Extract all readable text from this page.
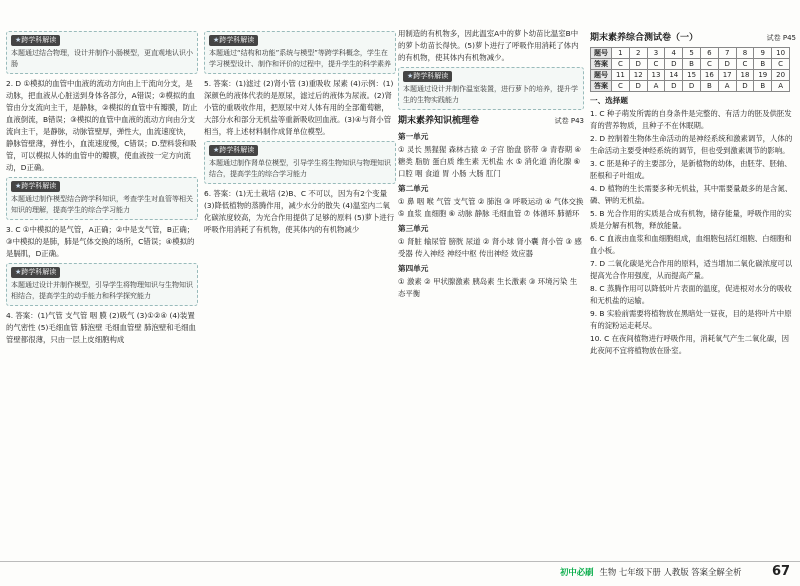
★ 跨学科解读
本题通过结合物理，设计并制作小肠模型，更直观地认识小肠

2. D ①模拟的血管中血液的流动方向由上干流向分支，是动脉，把血液从心脏送到身体各部分，A错误；②模拟的血管由分支流向主干，是静脉，②模拟的血管中有瓣膜，防止血液倒流，B错误；③模拟的血管中血液的流动方向由分支流向主干，是静脉，动脉管壁厚，弹性大，血流速度快，静脉管壁薄，弹性小，血流速度慢，C错误；D.塑料袋和吸管，可以模拟人体的血管中的瓣膜，使血液按一定方向流动，D正确。

★ 跨学科解读
本题通过制作模型结合跨学科知识，考查学生对血管等相关知识的理解，提高学生的综合学习能力

3. C ①中模拟的是气管，A正确；②中是支气管，B正确；③中模拟的是肺，肺是气体交换的场所，C错误；④模拟的是膈肌，D正确。

★ 跨学科解读
本题通过设计并制作模型，引导学生将物理知识与生物知识相结合，提高学生的动手能力和科学探究能力

4. 答案：(1)气管 支气管 咽 膜 (2)吸气 (3)①②④ (4)装置的气密性 (5)毛细血管 肺泡壁 毛细血管壁 肺泡壁和毛细血管壁都很薄，只由一层上皮细胞构成

★ 跨学科解读
本题通过“结构和功能”系统与模型”等跨学科概念，学生在学习模型设计、制作和评价的过程中，提升学生的科学素养

5. 答案：(1)滤过 (2)肾小管 (3)重吸收 尿素 (4)示例：(1)深颜色的液体代表的是原尿，滤过后的液体为尿液。(2)肾小管的重吸收作用，把原尿中对人体有用的全部葡萄糖，大部分水和部分无机盐等重新吸收回血液。(3)④与肾小管相当，将上述材料制作成肾单位模型。

★ 跨学科解读
本题通过制作肾单位模型，引导学生将生物知识与物理知识结合，提高学生的综合学习能力

6. 答案：(1)无土栽培 (2)B、C 不可以，因为有2个变量 (3)降低植物的蒸腾作用，减少水分的散失 (4)温室内二氧化碳浓度较高，为光合作用提供了足够的原料 (5)萝卜进行呼吸作用消耗了有机物，使其体内的有机物减少

用制造的有机物多，因此温室A中的萝卜幼苗比温室B中的萝卜幼苗长得快。(5)萝卜进行了呼吸作用消耗了体内的有机物，使其体内有机物减少。

★ 跨学科解读
本题通过设计并制作温室装置，进行萝卜的培养，提升学生的生物实践能力
期末素养知识梳理卷	试卷 P43
第一单元

① 灵长 黑猩猩 森林古猿 ② 子宫 胎盘 脐带 ③ 青春期 ④ 糖类 脂肪 蛋白质 维生素 无机盐 水 ⑤ 消化道 消化腺 ⑥ 口腔 咽 食道 胃 小肠 大肠 肛门

第二单元

① 鼻 咽 喉 气管 支气管 ② 肺泡 ③ 呼吸运动 ④ 气体交换 ⑤ 血浆 血细胞 ⑥ 动脉 静脉 毛细血管 ⑦ 体循环 肺循环

第三单元

① 肾脏 输尿管 膀胱 尿道 ② 肾小球 肾小囊 肾小管 ③ 感受器 传入神经 神经中枢 传出神经 效应器

第四单元

① 激素 ② 甲状腺激素 胰岛素 生长激素 ③ 环境污染 生态平衡

期末素养综合测试卷（一）	试卷 P45
题号	1	2	3	4	5	6	7	8	9	10
答案	C	D	C	D	B	C	D	C	B	C
题号	11	12	13	14	15	16	17	18	19	20
答案	C	D	A	D	D	B	A	D	B	A
一、选择题

1. C 种子萌发所需的自身条件是完整的、有活力的胚及供胚发育的营养物质，且种子不在休眠期。

2. D 控制着生物体生命活动的是神经系统和激素调节，人体的生命活动主要受神经系统的调节，但也受到激素调节的影响。

3. C 胚是种子的主要部分，是新植物的幼体，由胚芽、胚轴、胚根和子叶组成。

4. D 植物的生长需要多种无机盐，其中需要量最多的是含氮、磷、钾的无机盐。

5. B 光合作用的实质是合成有机物，储存能量，呼吸作用的实质是分解有机物，释放能量。

6. C 血液由血浆和血细胞组成，血细胞包括红细胞、白细胞和血小板。

7. D 二氧化碳是光合作用的原料，适当增加二氧化碳浓度可以提高光合作用强度，从而提高产量。

8. C 蒸腾作用可以降低叶片表面的温度，促进根对水分的吸收和无机盐的运输。

9. B 实验前需要将植物放在黑暗处一昼夜，目的是将叶片中原有的淀粉运走耗尽。

10. C 在夜间植物进行呼吸作用，消耗氧气产生二氧化碳，因此夜间不宜将植物放在卧室。

初中必刷 生物 七年级下册 人教版 答案全解全析 67
